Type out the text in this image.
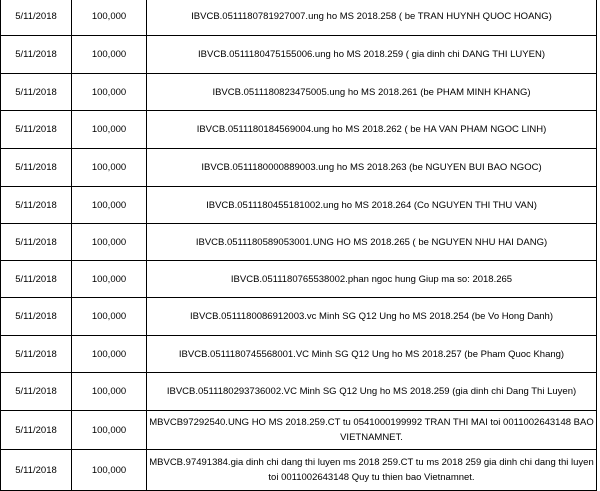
5/11/2018	100,000	IBVCB.0511180781927007.ung ho MS 2018.258 ( be TRAN HUYNH QUOC HOANG)
5/11/2018	100,000	IBVCB.0511180475155006.ung ho MS 2018.259 ( gia dinh chi DANG THI LUYEN)
5/11/2018	100,000	IBVCB.0511180823475005.ung ho MS 2018.261 (be PHAM MINH KHANG)
5/11/2018	100,000	IBVCB.0511180184569004.ung ho MS 2018.262 ( be HA VAN PHAM NGOC LINH)
5/11/2018	100,000	IBVCB.0511180000889003.ung ho MS 2018.263 (be NGUYEN BUI BAO NGOC)
5/11/2018	100,000	IBVCB.0511180455181002.ung ho MS 2018.264 (Co NGUYEN THI THU VAN)
5/11/2018	100,000	IBVCB.0511180589053001.UNG HO MS 2018.265 ( be NGUYEN NHU HAI DANG)
5/11/2018	100,000	IBVCB.0511180765538002.phan ngoc hung Giup ma so: 2018.265
5/11/2018	100,000	IBVCB.0511180086912003.vc Minh SG Q12 Ung ho MS 2018.254 (be Vo Hong Danh)
5/11/2018	100,000	IBVCB.0511180745568001.VC Minh SG Q12 Ung ho MS 2018.257 (be Pham Quoc Khang)
5/11/2018	100,000	IBVCB.0511180293736002.VC Minh SG Q12 Ung ho MS 2018.259 (gia dinh chi Dang Thi Luyen)
5/11/2018	100,000	MBVCB97292540.UNG HO MS 2018.259.CT tu 0541000199992 TRAN THI MAI toi 0011002643148 BAO VIETNAMNET.
5/11/2018	100,000	MBVCB.97491384.gia dinh chi dang thi luyen ms 2018 259.CT tu ms 2018 259 gia dinh chi dang thi luyen toi 0011002643148 Quy tu thien bao Vietnamnet.
